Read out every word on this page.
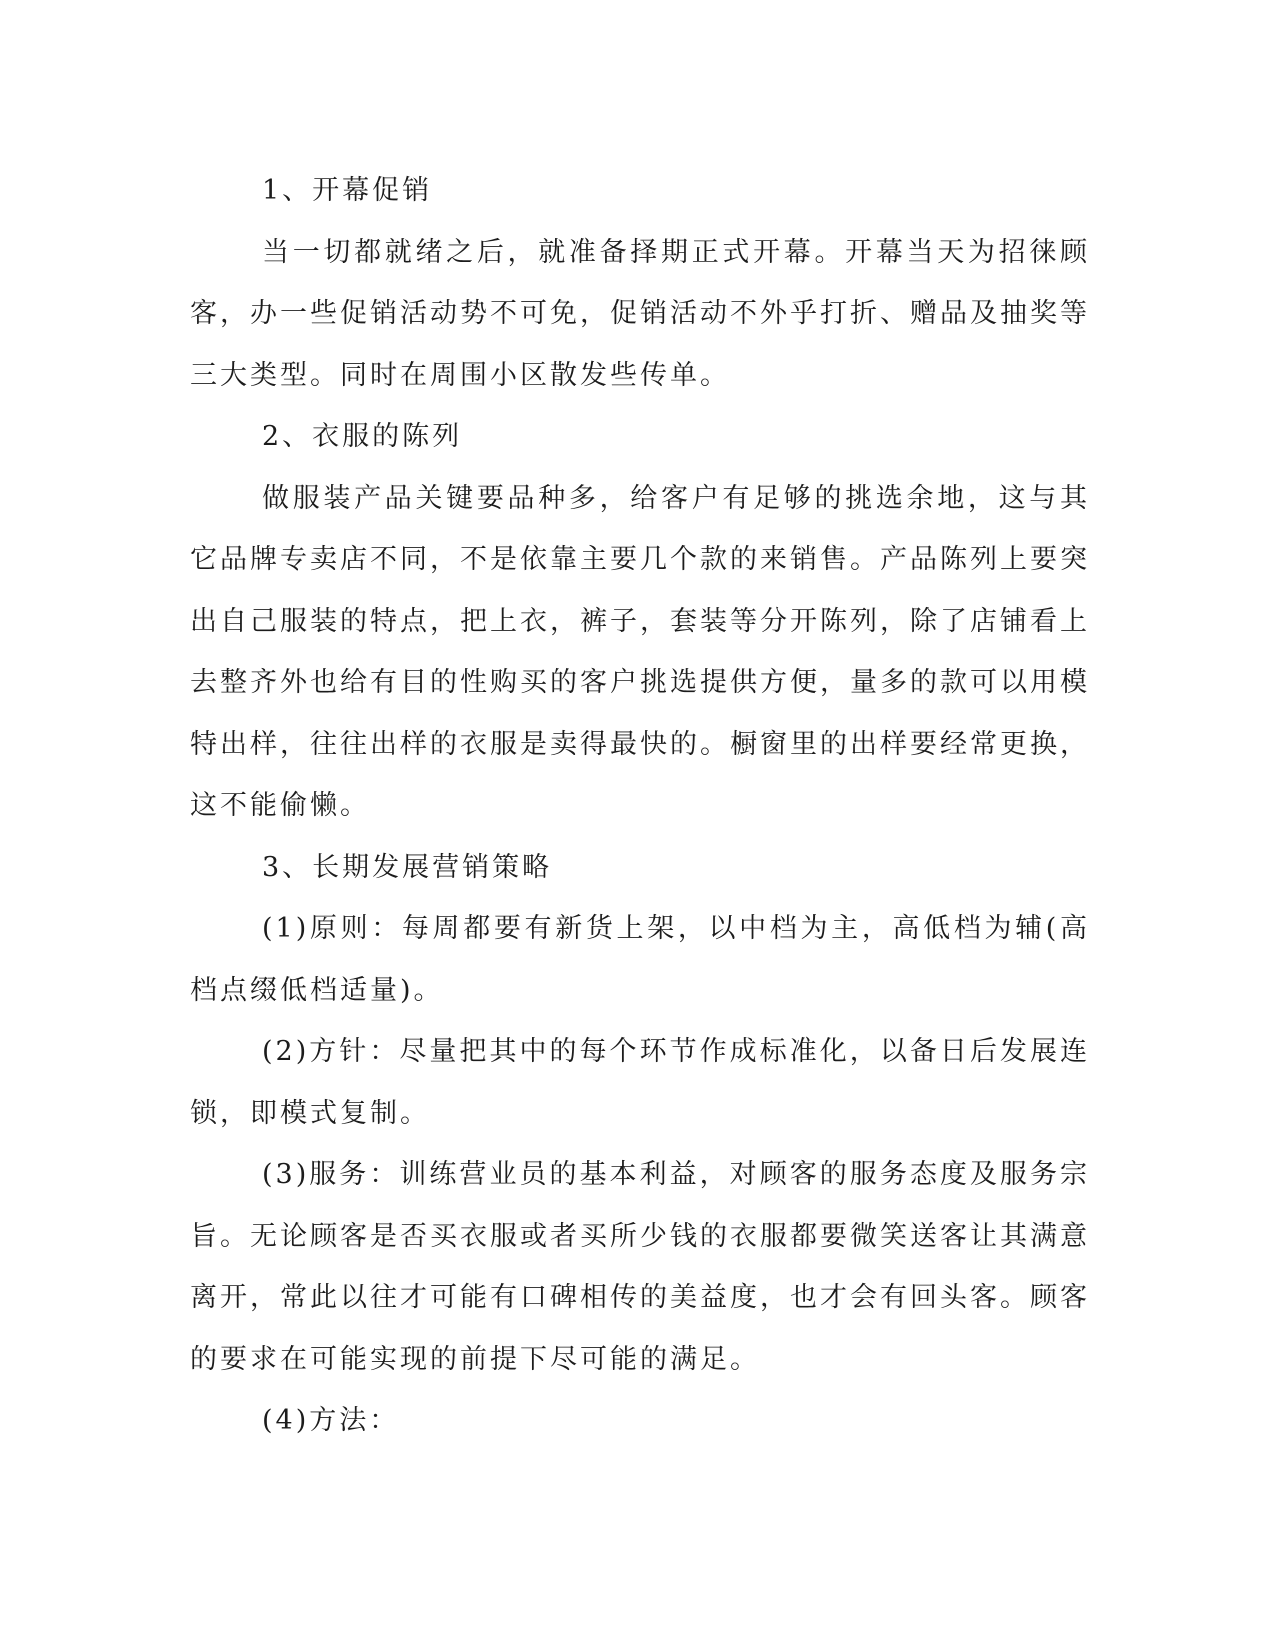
1、开幕促销

当一切都就绪之后，就准备择期正式开幕。开幕当天为招徕顾客，办一些促销活动势不可免，促销活动不外乎打折、赠品及抽奖等三大类型。同时在周围小区散发些传单。

2、衣服的陈列

做服装产品关键要品种多，给客户有足够的挑选余地，这与其它品牌专卖店不同，不是依靠主要几个款的来销售。产品陈列上要突出自己服装的特点，把上衣，裤子，套装等分开陈列，除了店铺看上去整齐外也给有目的性购买的客户挑选提供方便，量多的款可以用模特出样，往往出样的衣服是卖得最快的。橱窗里的出样要经常更换，这不能偷懒。

3、长期发展营销策略

(1)原则：每周都要有新货上架，以中档为主，高低档为辅(高档点缀低档适量)。

(2)方针：尽量把其中的每个环节作成标准化，以备日后发展连锁，即模式复制。

(3)服务：训练营业员的基本利益，对顾客的服务态度及服务宗旨。无论顾客是否买衣服或者买所少钱的衣服都要微笑送客让其满意离开，常此以往才可能有口碑相传的美益度，也才会有回头客。顾客的要求在可能实现的前提下尽可能的满足。

(4)方法：
